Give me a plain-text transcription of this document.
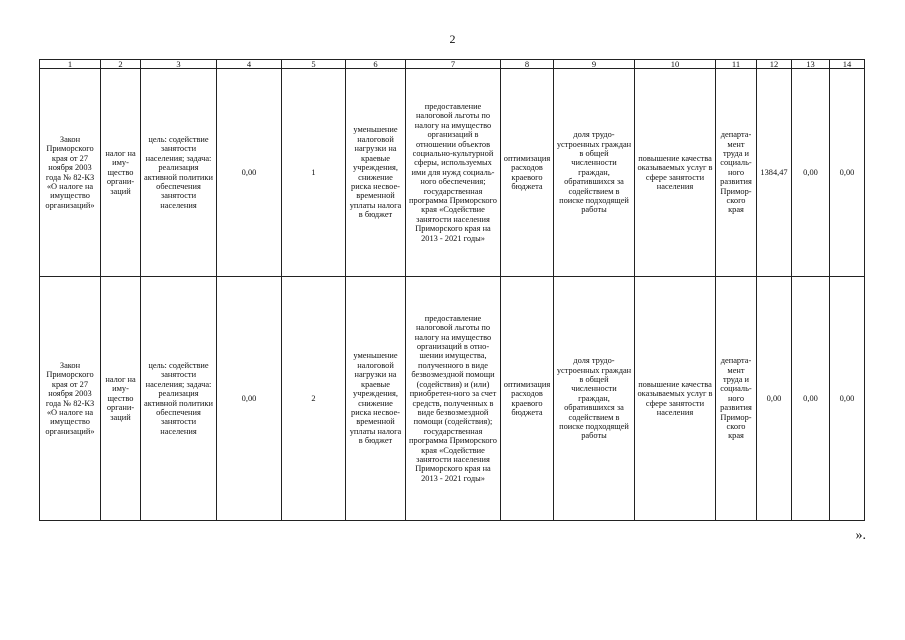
2
1	2	3	4	5	6	7	8	9	10	11	12	13	14
Закон Приморского края от 27 ноября 2003 года № 82-КЗ «О налоге на имущество организаций»	налог на иму-щество органи-заций	цель: содействие занятости населения; задача: реализация активной политики обеспечения занятости населения	0,00	1	уменьшение налоговой нагрузки на краевые учреждения, снижение риска несвое-временной уплаты налога в бюджет	предоставление налоговой льготы по налогу на имущество организаций в отношении объектов социально-культурной сферы, используемых ими для нужд социаль-ного обеспечения; государственная программа Приморского края «Содействие занятости населения Приморского края на 2013 - 2021 годы»	оптимизация расходов краевого бюджета	доля трудо-устроенных граждан в общей численности граждан, обратившихся за содействием в поиске подходящей работы	повышение качества оказываемых услуг в сфере занятости населения	департа-мент труда и социаль-ного развития Примор-ского края	1384,47	0,00	0,00
Закон Приморского края от 27 ноября 2003 года № 82-КЗ «О налоге на имущество организаций»	налог на иму-щество органи-заций	цель: содействие занятости населения; задача: реализация активной политики обеспечения занятости населения	0,00	2	уменьшение налоговой нагрузки на краевые учреждения, снижение риска несвое-временной уплаты налога в бюджет	предоставление налоговой льготы по налогу на имущество организаций в отно-шении имущества, полученного в виде безвозмездной помощи (содействия) и (или) приобретен-ного за счет средств, полученных в виде безвозмездной помощи (содействия); государственная программа Приморского края «Содействие занятости населения Приморского края на 2013 - 2021 годы»	оптимизация расходов краевого бюджета	доля трудо-устроенных граждан в общей численности граждан, обратившихся за содействием в поиске подходящей работы	повышение качества оказываемых услуг в сфере занятости населения	департа-мент труда и социаль-ного развития Примор-ского края	0,00	0,00	0,00
».
